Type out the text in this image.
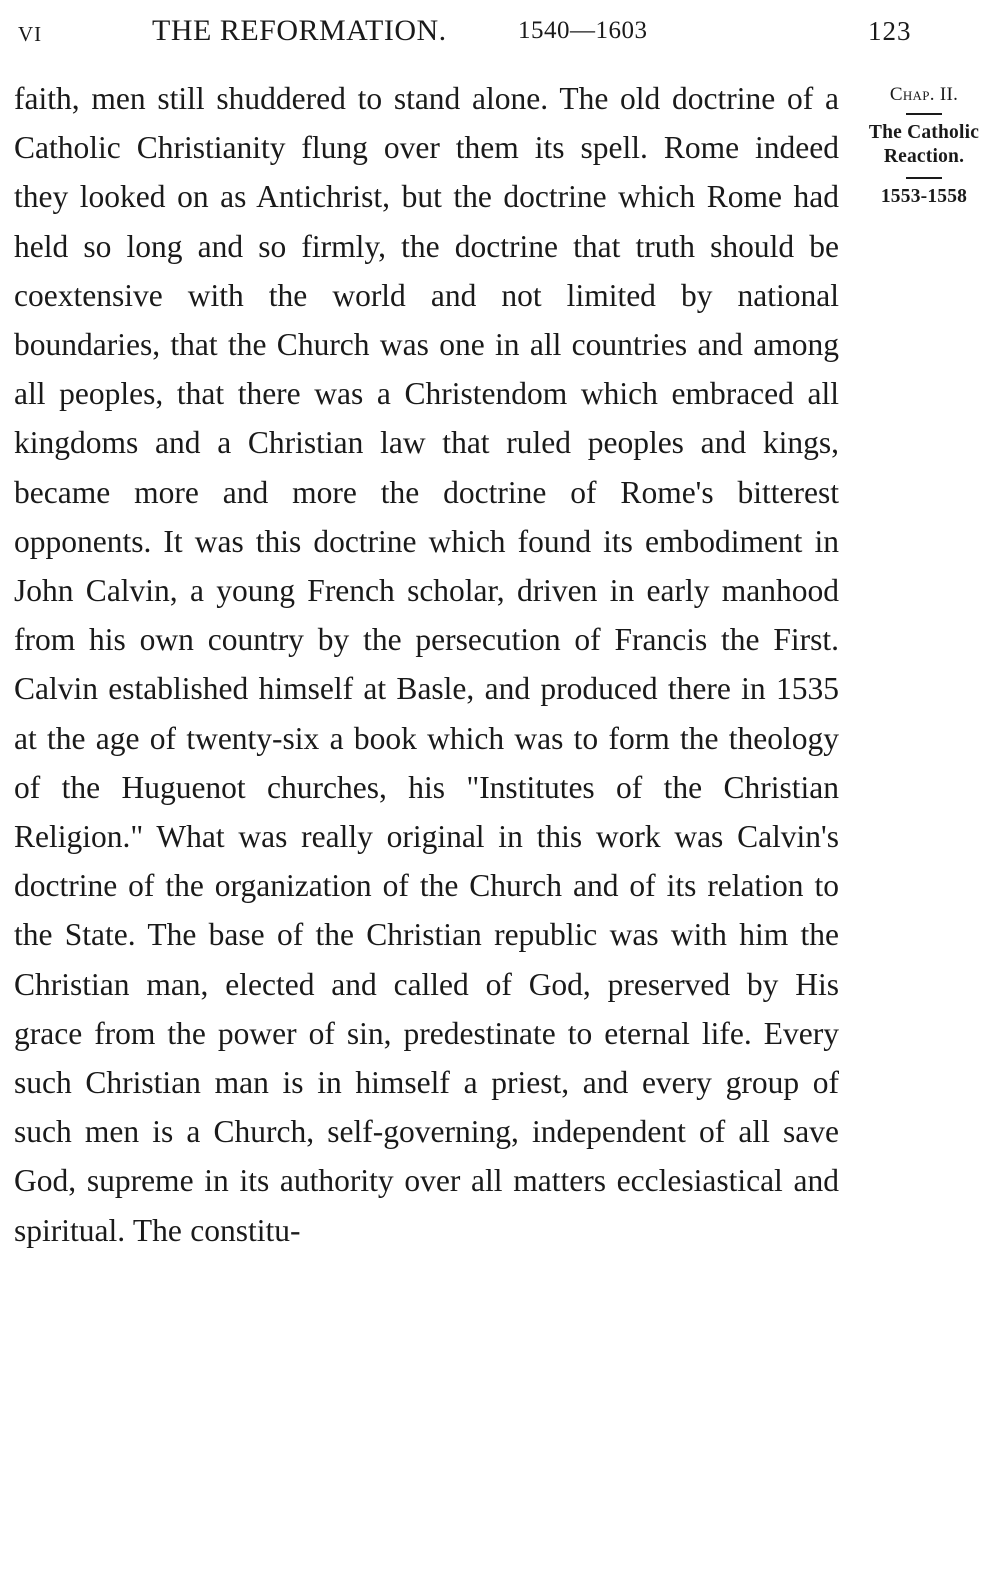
VI	THE REFORMATION.	1540—1603	123

faith, men still shuddered to stand alone. The old doctrine of a Catholic Christianity flung over them its spell. Rome indeed they looked on as Antichrist, but the doctrine which Rome had held so long and so firmly, the doctrine that truth should be coextensive with the world and not limited by national boundaries, that the Church was one in all countries and among all peoples, that there was a Christendom which embraced all kingdoms and a Christian law that ruled peoples and kings, became more and more the doctrine of Rome's bitterest opponents. It was this doctrine which found its embodiment in John Calvin, a young French scholar, driven in early manhood from his own country by the persecution of Francis the First. Calvin established himself at Basle, and produced there in 1535 at the age of twenty-six a book which was to form the theology of the Huguenot churches, his "Institutes of the Christian Religion." What was really original in this work was Calvin's doctrine of the organization of the Church and of its relation to the State. The base of the Christian republic was with him the Christian man, elected and called of God, preserved by His grace from the power of sin, predestinate to eternal life. Every such Christian man is in himself a priest, and every group of such men is a Church, self-governing, independent of all save God, supreme in its authority over all matters ecclesiastical and spiritual. The constitu-

Chap. II.
The Catholic Reaction.
1553-1558
